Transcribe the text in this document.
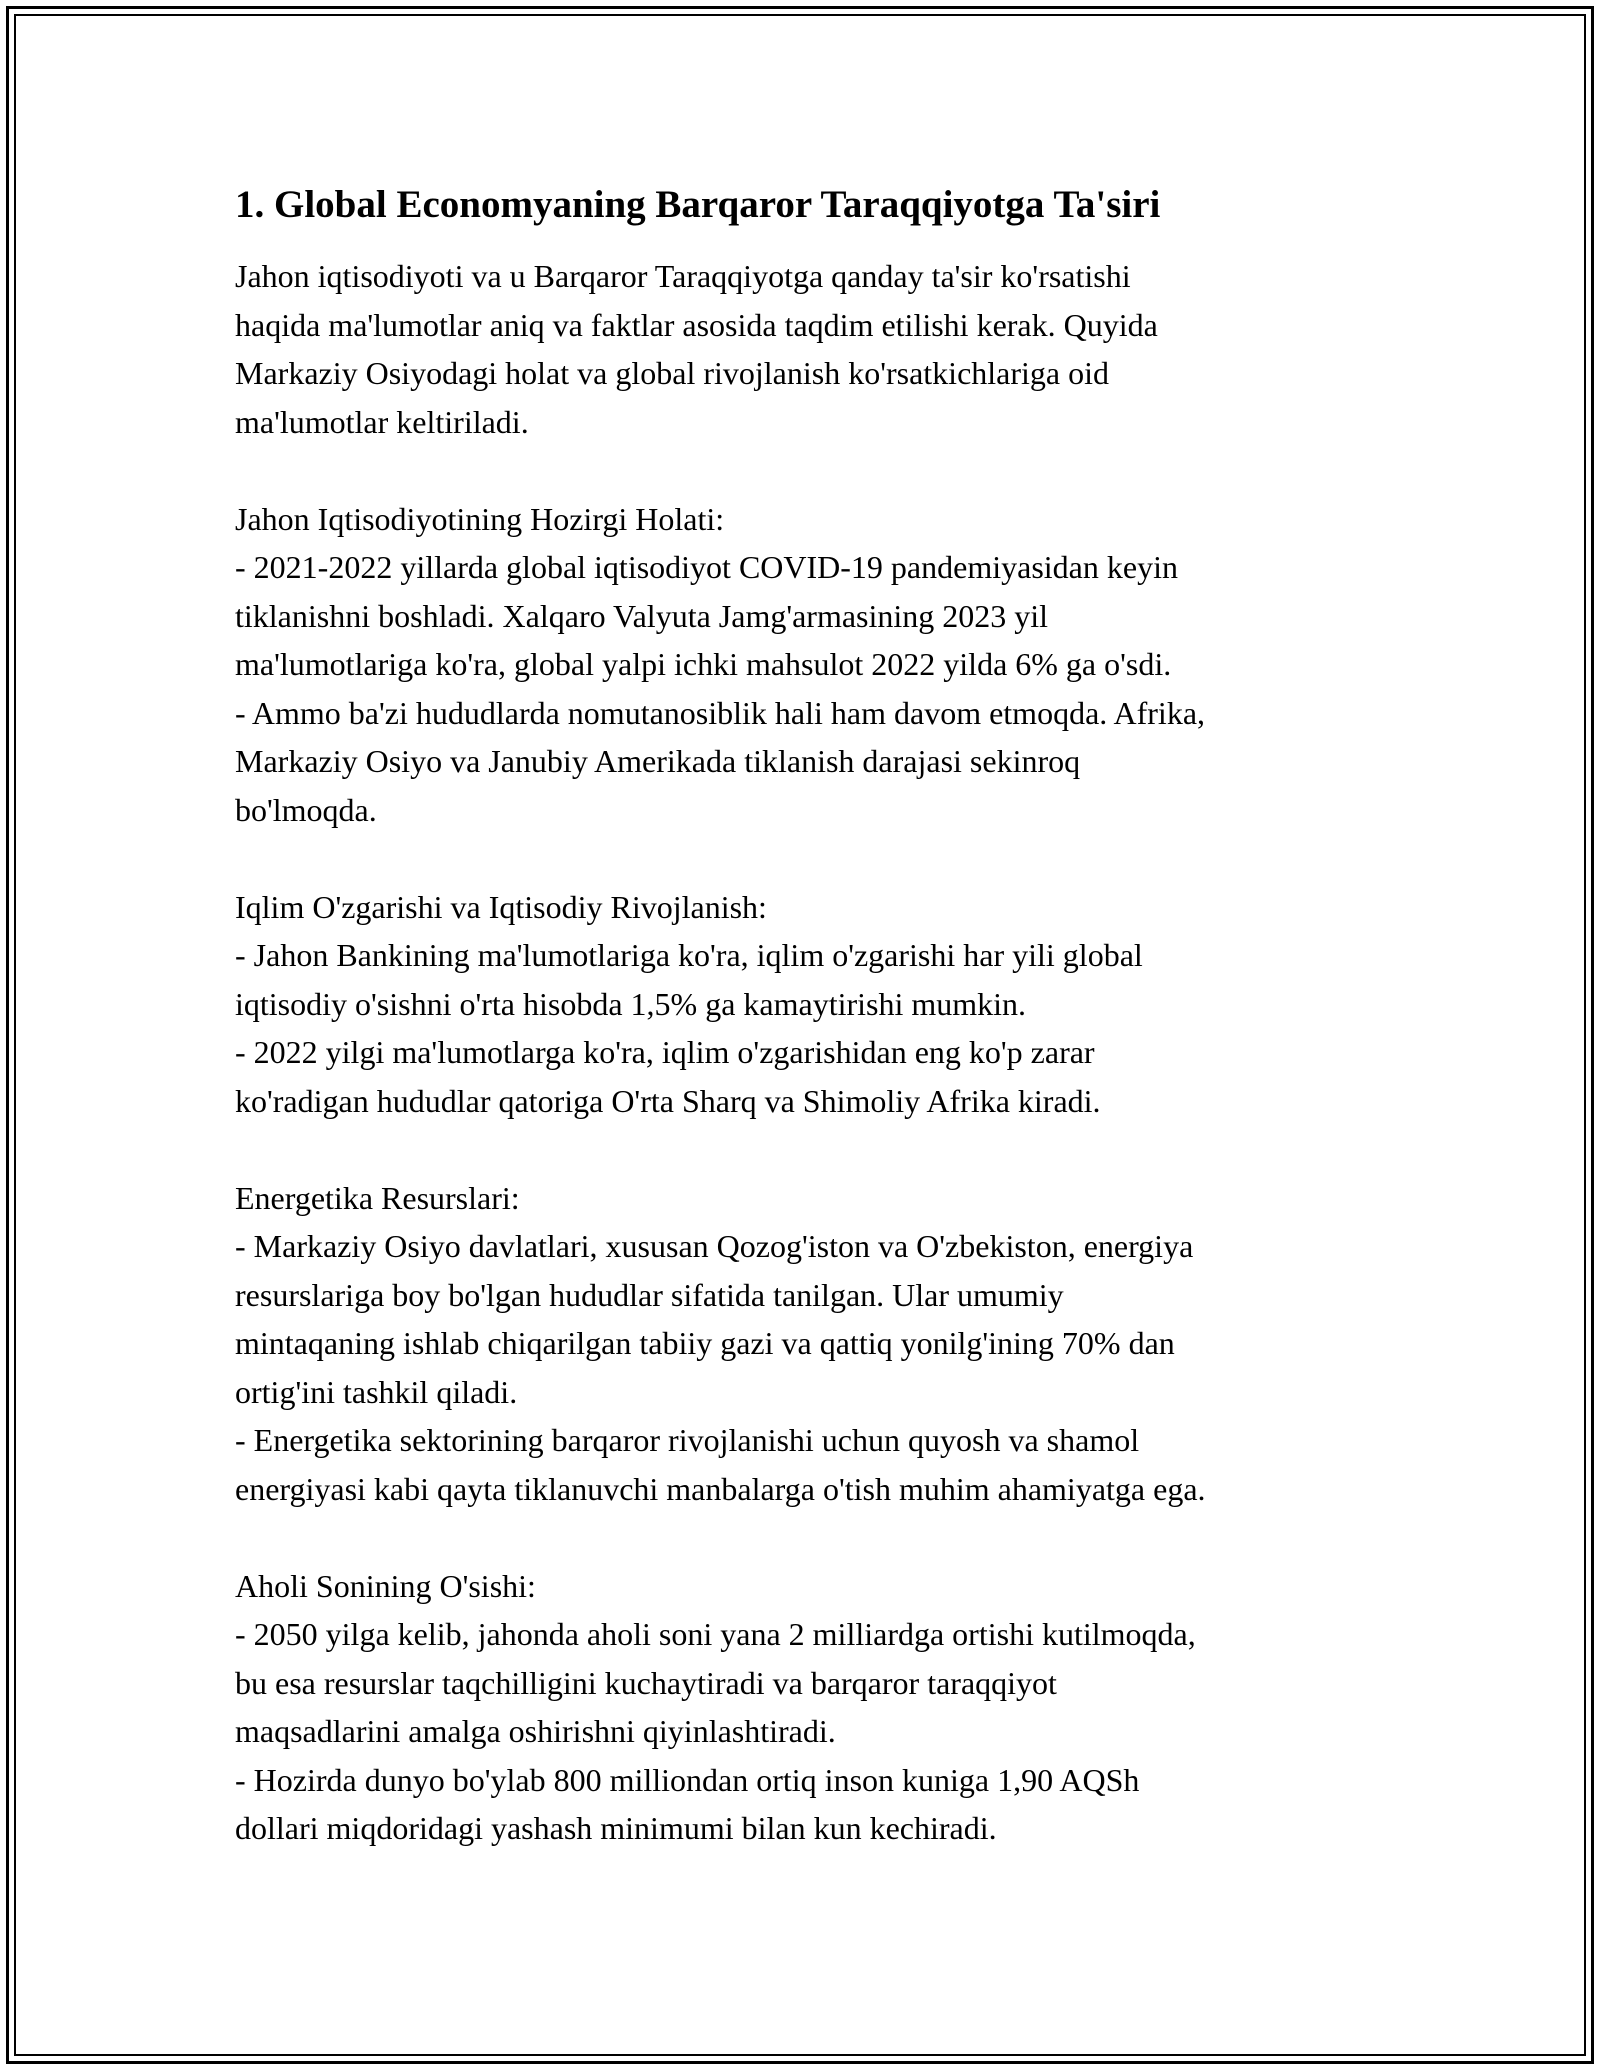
1. Global Economyaning Barqaror Taraqqiyotga Ta'siri
Jahon iqtisodiyoti va u Barqaror Taraqqiyotga qanday ta'sir ko'rsatishi
haqida ma'lumotlar aniq va faktlar asosida taqdim etilishi kerak. Quyida
Markaziy Osiyodagi holat va global rivojlanish ko'rsatkichlariga oid
ma'lumotlar keltiriladi.
Jahon Iqtisodiyotining Hozirgi Holati:
- 2021-2022 yillarda global iqtisodiyot COVID-19 pandemiyasidan keyin
tiklanishni boshladi. Xalqaro Valyuta Jamg'armasining 2023 yil
ma'lumotlariga ko'ra, global yalpi ichki mahsulot 2022 yilda 6% ga o'sdi.
- Ammo ba'zi hududlarda nomutanosiblik hali ham davom etmoqda. Afrika,
Markaziy Osiyo va Janubiy Amerikada tiklanish darajasi sekinroq
bo'lmoqda.
Iqlim O'zgarishi va Iqtisodiy Rivojlanish:
- Jahon Bankining ma'lumotlariga ko'ra, iqlim o'zgarishi har yili global
iqtisodiy o'sishni o'rta hisobda 1,5% ga kamaytirishi mumkin.
- 2022 yilgi ma'lumotlarga ko'ra, iqlim o'zgarishidan eng ko'p zarar
ko'radigan hududlar qatoriga O'rta Sharq va Shimoliy Afrika kiradi.
Energetika Resurslari:
- Markaziy Osiyo davlatlari, xususan Qozog'iston va O'zbekiston, energiya
resurslariga boy bo'lgan hududlar sifatida tanilgan. Ular umumiy
mintaqaning ishlab chiqarilgan tabiiy gazi va qattiq yonilg'ining 70% dan
ortig'ini tashkil qiladi.
- Energetika sektorining barqaror rivojlanishi uchun quyosh va shamol
energiyasi kabi qayta tiklanuvchi manbalarga o'tish muhim ahamiyatga ega.
Aholi Sonining O'sishi:
- 2050 yilga kelib, jahonda aholi soni yana 2 milliardga ortishi kutilmoqda,
bu esa resurslar taqchilligini kuchaytiradi va barqaror taraqqiyot
maqsadlarini amalga oshirishni qiyinlashtiradi.
- Hozirda dunyo bo'ylab 800 milliondan ortiq inson kuniga 1,90 AQSh
dollari miqdoridagi yashash minimumi bilan kun kechiradi.
